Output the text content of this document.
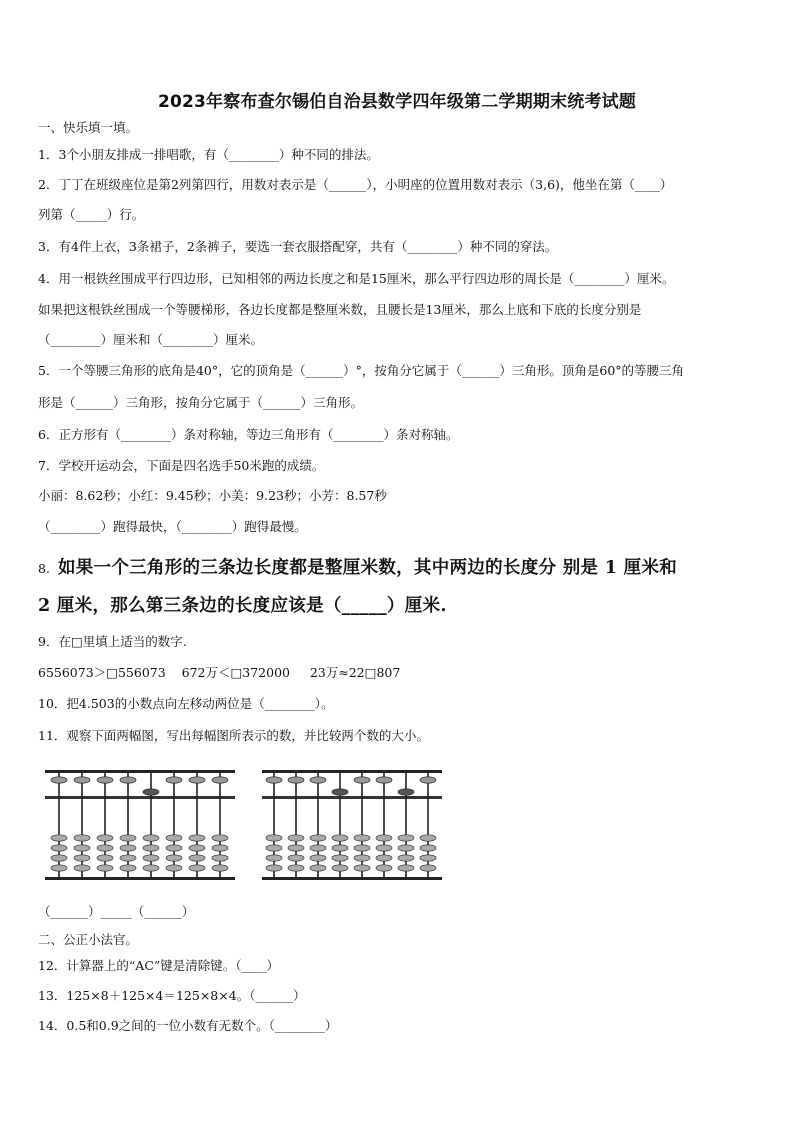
2023年察布查尔锡伯自治县数学四年级第二学期期末统考试题
一、快乐填一填。
1．3个小朋友排成一排唱歌，有（________）种不同的排法。
2．丁丁在班级座位是第2列第四行，用数对表示是（______），小明座的位置用数对表示（3,6)，他坐在第（____）
列第（_____）行。
3．有4件上衣，3条裙子，2条裤子，要选一套衣服搭配穿，共有（________）种不同的穿法。
4．用一根铁丝围成平行四边形，已知相邻的两边长度之和是15厘米，那么平行四边形的周长是（________）厘米。
如果把这根铁丝围成一个等腰梯形，各边长度都是整厘米数，且腰长是13厘米，那么上底和下底的长度分别是
（________）厘米和（________）厘米。
5．一个等腰三角形的底角是40°，它的顶角是（______）°，按角分它属于（______）三角形。顶角是60°的等腰三角
形是（______）三角形，按角分它属于（______）三角形。
6．正方形有（________）条对称轴，等边三角形有（________）条对称轴。
7．学校开运动会，下面是四名选手50米跑的成绩。
小丽：8.62秒；小红：9.45秒；小美：9.23秒；小芳：8.57秒
（________）跑得最快，（________）跑得最慢。
8. 如果一个三角形的三条边长度都是整厘米数，其中两边的长度分 别是 1 厘米和
2 厘米，那么第三条边的长度应该是（_____）厘米.
9．在□里填上适当的数字.
6556073＞□556073    672万＜□372000     23万≈22□807
10．把4.503的小数点向左移动两位是（________）。
11．观察下面两幅图，写出每幅图所表示的数，并比较两个数的大小。
（______）_____（______）
二、公正小法官。
12．计算器上的“AC”键是清除键。（____）
13．125×8＋125×4＝125×8×4。（______）
14．0.5和0.9之间的一位小数有无数个。（________）
